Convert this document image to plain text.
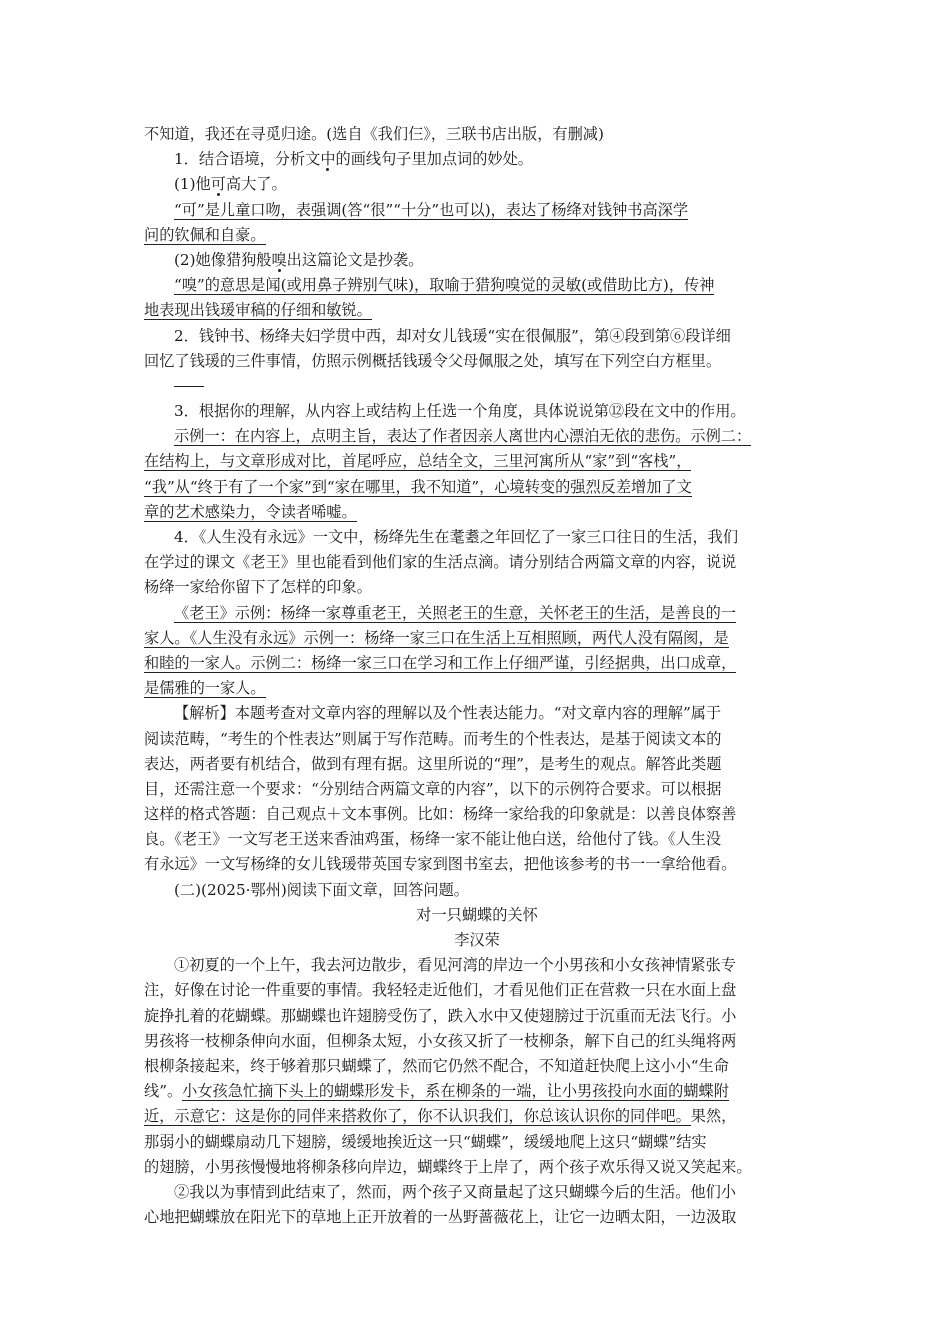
不知道，我还在寻觅归途。(选自《我们仨》，三联书店出版，有删减)
1．结合语境，分析文中的画线句子里加点词的妙处。
(1)他可高大了。
“可”是儿童口吻，表强调(答“很”“十分”也可以)，表达了杨绛对钱钟书高深学
问的钦佩和自豪。
(2)她像猎狗般嗅出这篇论文是抄袭。
“嗅”的意思是闻(或用鼻子辨别气味)，取喻于猎狗嗅觉的灵敏(或借助比方)，传神
地表现出钱瑗审稿的仔细和敏锐。
2．钱钟书、杨绛夫妇学贯中西，却对女儿钱瑗“实在很佩服”，第④段到第⑥段详细
回忆了钱瑗的三件事情，仿照示例概括钱瑗令父母佩服之处，填写在下列空白方框里。
3．根据你的理解，从内容上或结构上任选一个角度，具体说说第⑫段在文中的作用。
示例一：在内容上，点明主旨，表达了作者因亲人离世内心漂泊无依的悲伤。示例二：
在结构上，与文章形成对比，首尾呼应，总结全文，三里河寓所从“家”到“客栈”，
“我”从“终于有了一个家”到“家在哪里，我不知道”，心境转变的强烈反差增加了文
章的艺术感染力，令读者唏嘘。
4．《人生没有永远》一文中，杨绛先生在耄耋之年回忆了一家三口往日的生活，我们
在学过的课文《老王》里也能看到他们家的生活点滴。请分别结合两篇文章的内容，说说
杨绛一家给你留下了怎样的印象。
《老王》示例：杨绛一家尊重老王，关照老王的生意，关怀老王的生活，是善良的一
家人。《人生没有永远》示例一：杨绛一家三口在生活上互相照顾，两代人没有隔阂，是
和睦的一家人。示例二：杨绛一家三口在学习和工作上仔细严谨，引经据典，出口成章，
是儒雅的一家人。
【解析】本题考查对文章内容的理解以及个性表达能力。“对文章内容的理解”属于
阅读范畴，“考生的个性表达”则属于写作范畴。而考生的个性表达，是基于阅读文本的
表达，两者要有机结合，做到有理有据。这里所说的“理”，是考生的观点。解答此类题
目，还需注意一个要求：“分别结合两篇文章的内容”，以下的示例符合要求。可以根据
这样的格式答题：自己观点＋文本事例。比如：杨绛一家给我的印象就是：以善良体察善
良。《老王》一文写老王送来香油鸡蛋，杨绛一家不能让他白送，给他付了钱。《人生没
有永远》一文写杨绛的女儿钱瑗带英国专家到图书室去，把他该参考的书一一拿给他看。
(二)(2025·鄂州)阅读下面文章，回答问题。
对一只蝴蝶的关怀
李汉荣
①初夏的一个上午，我去河边散步，看见河湾的岸边一个小男孩和小女孩神情紧张专
注，好像在讨论一件重要的事情。我轻轻走近他们，才看见他们正在营救一只在水面上盘
旋挣扎着的花蝴蝶。那蝴蝶也许翅膀受伤了，跌入水中又使翅膀过于沉重而无法飞行。小
男孩将一枝柳条伸向水面，但柳条太短，小女孩又折了一枝柳条，解下自己的红头绳将两
根柳条接起来，终于够着那只蝴蝶了，然而它仍然不配合，不知道赶快爬上这小小“生命
线”。小女孩急忙摘下头上的蝴蝶形发卡，系在柳条的一端，让小男孩投向水面的蝴蝶附
近，示意它：这是你的同伴来搭救你了，你不认识我们，你总该认识你的同伴吧。果然，
那弱小的蝴蝶扇动几下翅膀，缓缓地挨近这一只“蝴蝶”，缓缓地爬上这只“蝴蝶”结实
的翅膀，小男孩慢慢地将柳条移向岸边，蝴蝶终于上岸了，两个孩子欢乐得又说又笑起来。
②我以为事情到此结束了，然而，两个孩子又商量起了这只蝴蝶今后的生活。他们小
心地把蝴蝶放在阳光下的草地上正开放着的一丛野蔷薇花上，让它一边晒太阳，一边汲取
